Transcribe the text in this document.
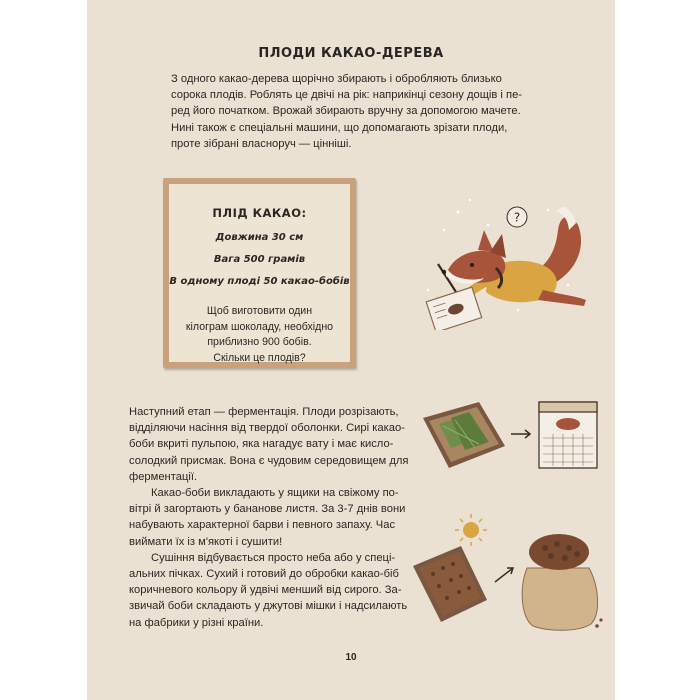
ПЛОДИ КАКАО-ДЕРЕВА

З одного какао-дерева щорічно збирають і обробляють близько
сорока плодів. Роблять це двічі на рік: наприкінці сезону дощів і пе-
ред його початком. Врожай збирають вручну за допомогою мачете.
Нині також є спеціальні машини, що допомагають зрізати плоди,
проте зібрані власноруч — цінніші.

ПЛІД КАКАО:
Довжина 30 см
Вага 500 грамів
В одному плоді 50 какао-бобів
Щоб виготовити один
кілограм шоколаду, необхідно
приблизно 900 бобів.
Скільки це плодів?
?

Наступний етап — ферментація. Плоди розрізають,
відділяючи насіння від твердої оболонки. Сирі какао-
боби вкриті пульпою, яка нагадує вату і має кисло-
солодкий присмак. Вона є чудовим середовищем для
ферментації.
Какао-боби викладають у ящики на свіжому по-
вітрі й загортають у бананове листя. За 3-7 днів вони
набувають характерної барви і певного запаху. Час
виймати їх із м'якоті і сушити!
Сушіння відбувається просто неба або у спеці-
альних пічках. Сухий і готовий до обробки какао-біб
коричневого кольору й удвічі менший від сирого. За-
звичай боби складають у джутові мішки і надсилають
на фабрики у різні країни.

10
